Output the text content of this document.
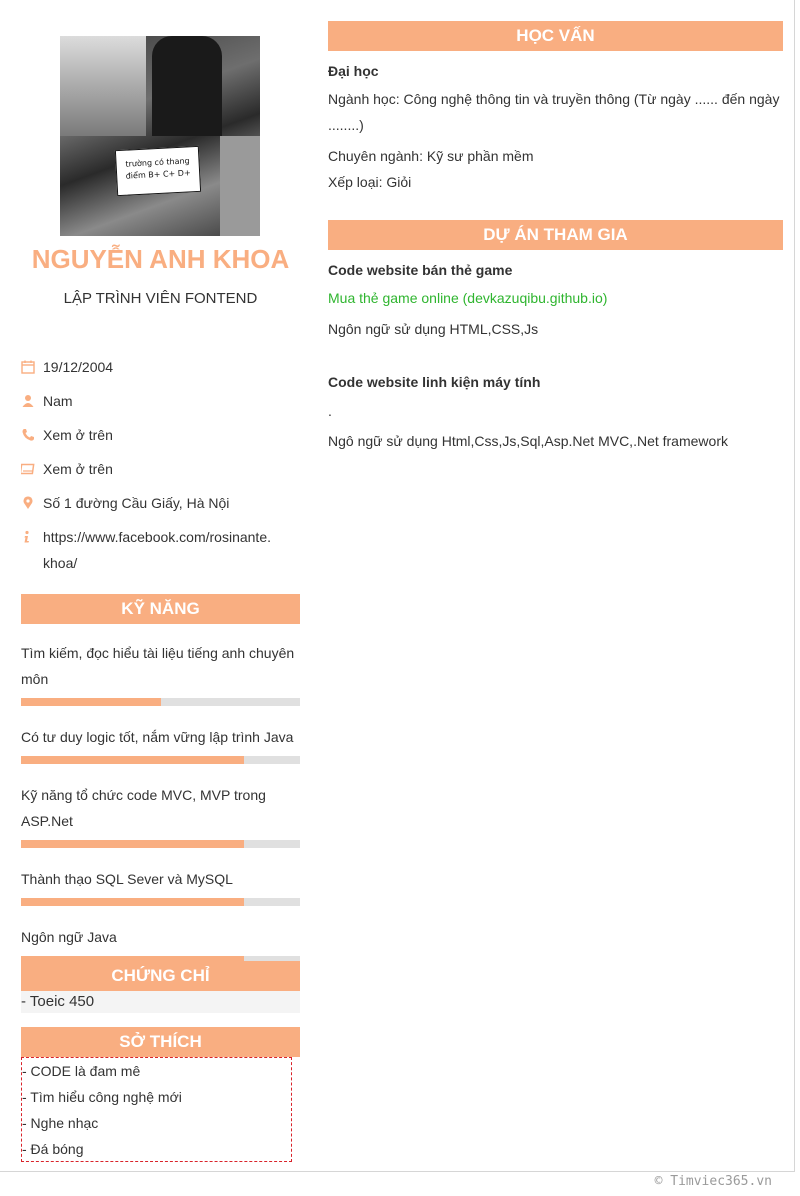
trường có thang
điểm B+ C+ D+
NGUYỄN ANH KHOA
LẬP TRÌNH VIÊN FONTEND
19/12/2004
Nam
Xem ở trên
Xem ở trên
Số 1 đường Cầu Giấy, Hà Nội
https://www.facebook.com/rosinante.
khoa/
KỸ NĂNG
Tìm kiếm, đọc hiểu tài liệu tiếng anh chuyên
môn
Có tư duy logic tốt, nắm vững lập trình Java
Kỹ năng tổ chức code MVC, MVP trong
ASP.Net
Thành thạo SQL Sever và MySQL
Ngôn ngữ Java
CHỨNG CHỈ
- Toeic 450
SỞ THÍCH
- CODE là đam mê
- Tìm hiểu công nghệ mới
- Nghe nhạc
- Đá bóng
HỌC VẤN
Đại học
Ngành học: Công nghệ thông tin và truyền thông (Từ ngày ...... đến ngày
........)
Chuyên ngành: Kỹ sư phần mềm
Xếp loại: Giỏi
DỰ ÁN THAM GIA
Code website bán thẻ game
Mua thẻ game online (devkazuqibu.github.io)
Ngôn ngữ sử dụng HTML,CSS,Js
Code website linh kiện máy tính
.
Ngô ngữ sử dụng Html,Css,Js,Sql,Asp.Net MVC,.Net framework
© Timviec365.vn
